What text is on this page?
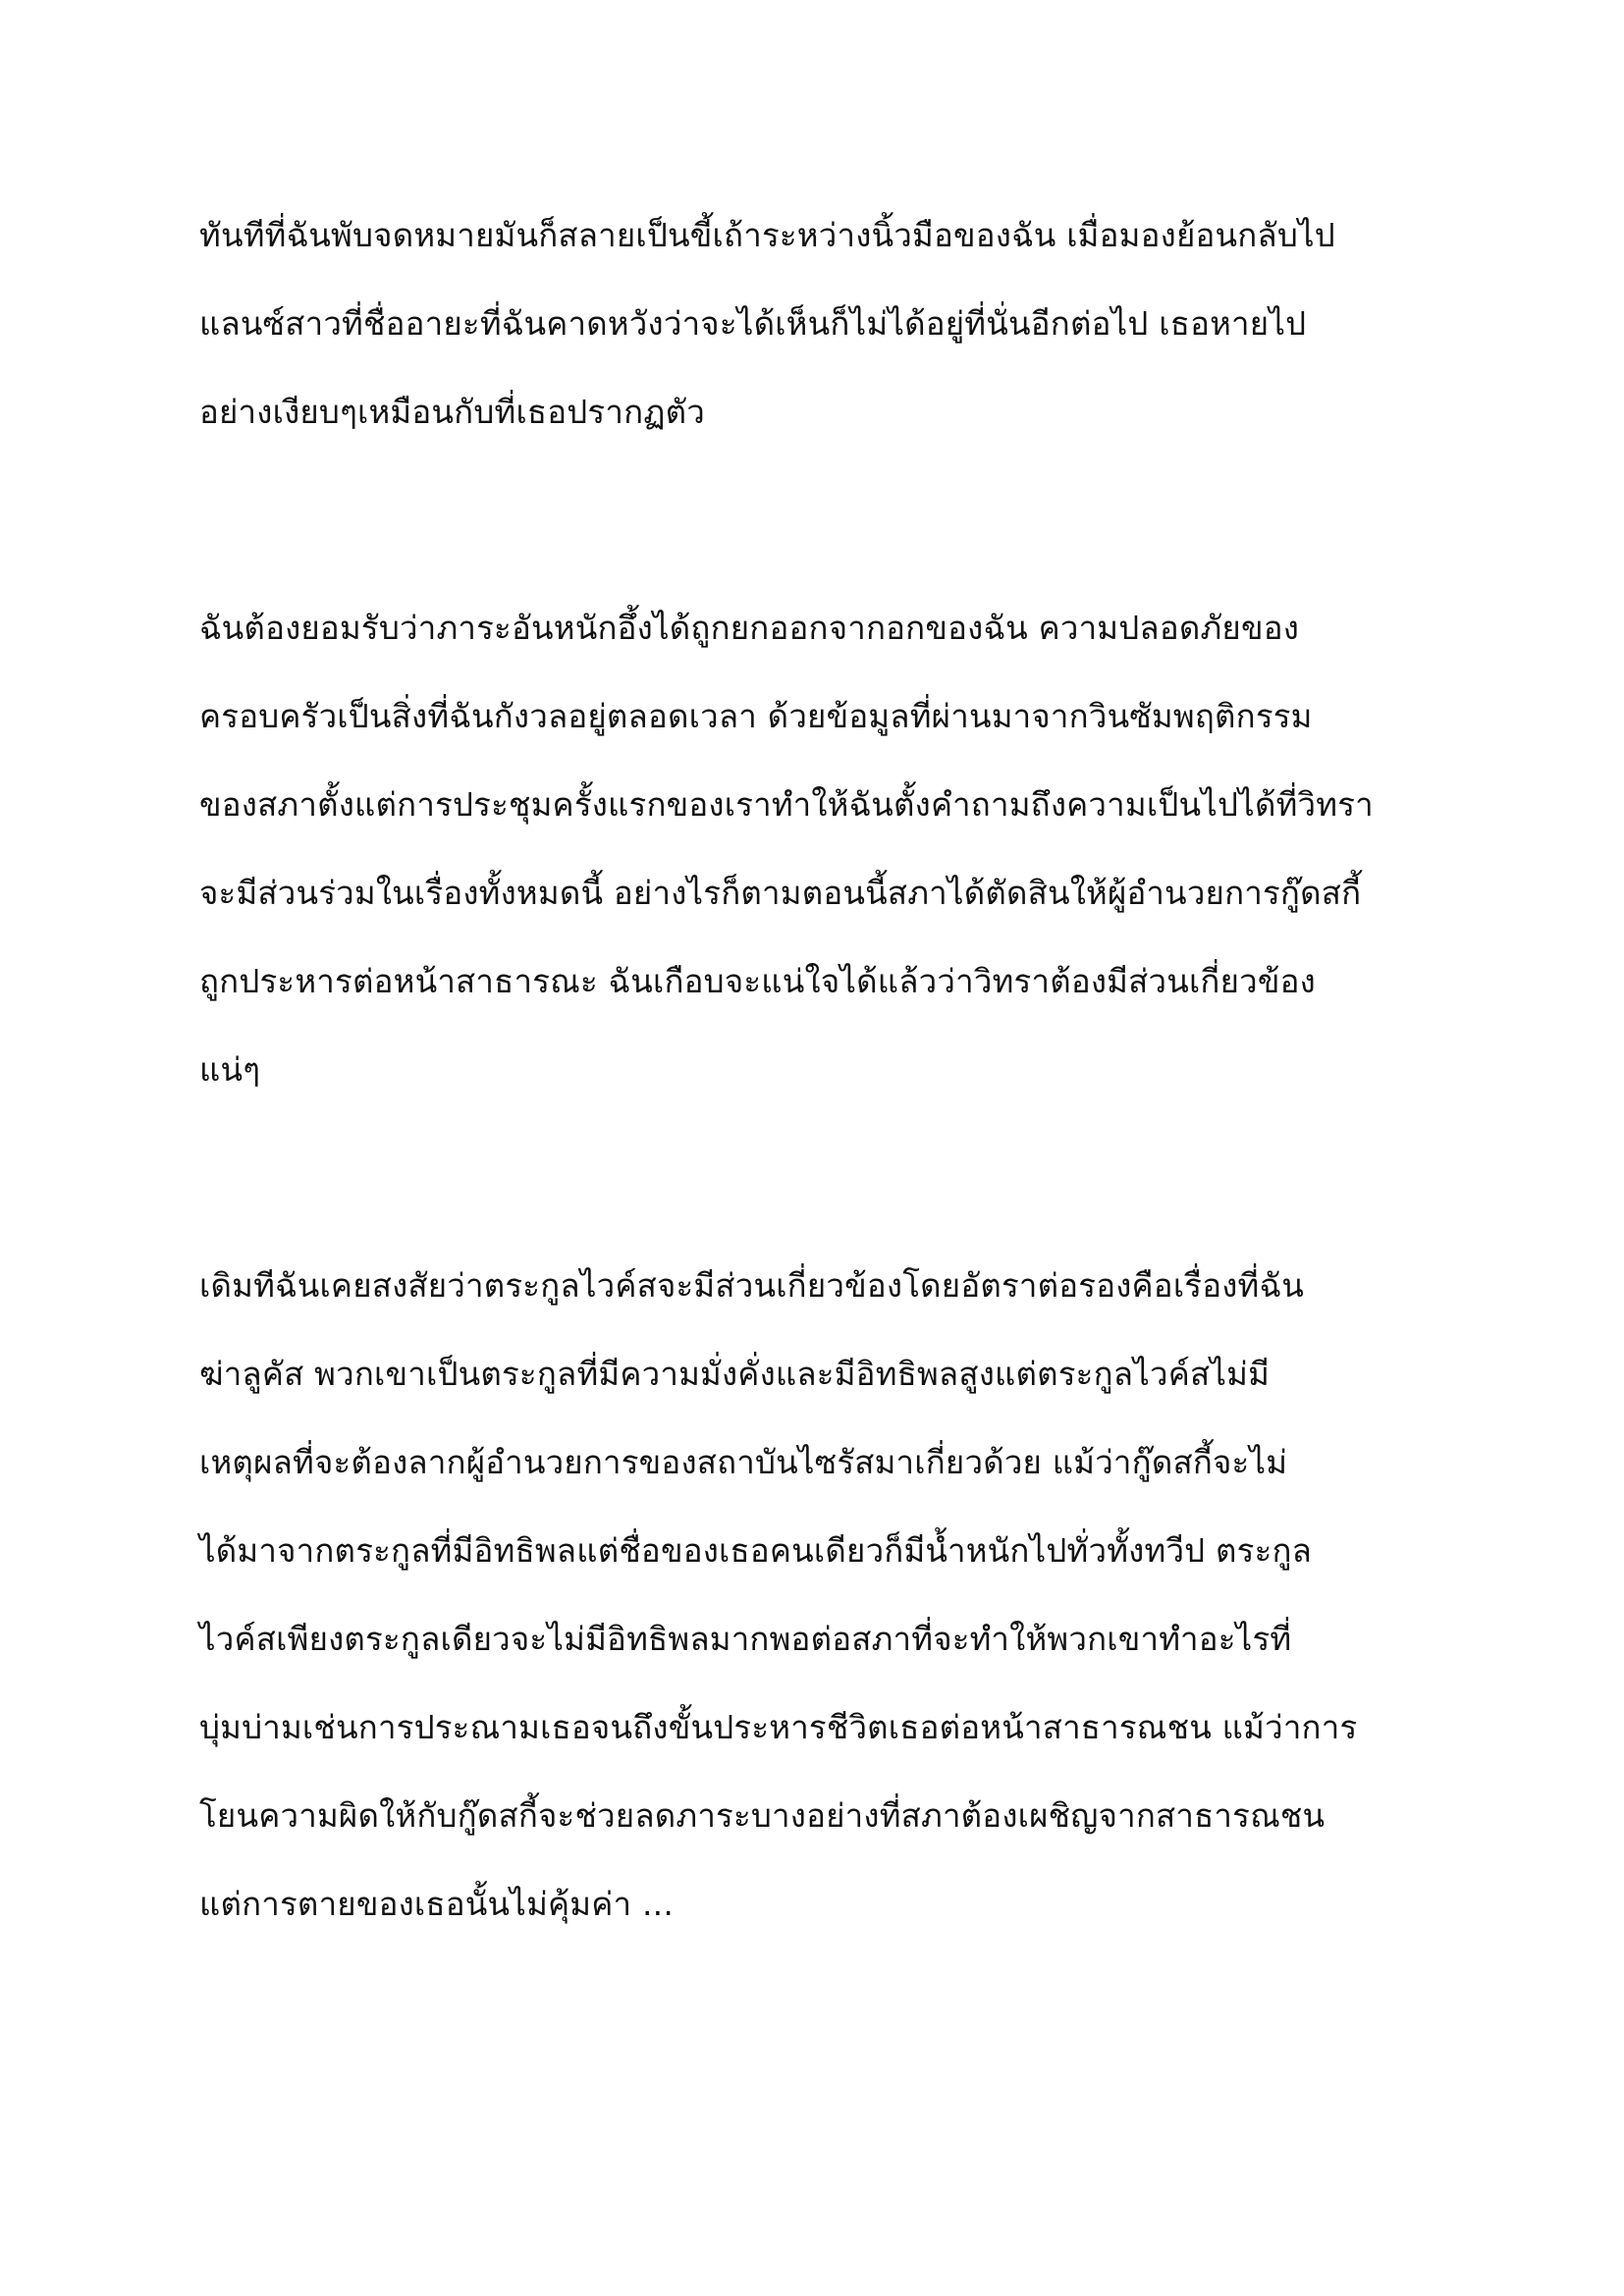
ทันทีที่ฉันพับจดหมายมันก็สลายเป็นขี้เถ้าระหว่างนิ้วมือของฉัน เมื่อมองย้อนกลับไป
แลนซ์สาวที่ชื่ออายะที่ฉันคาดหวังว่าจะได้เห็นก็ไม่ได้อยู่ที่นั่นอีกต่อไป เธอหายไป
อย่างเงียบๆเหมือนกับที่เธอปรากฏตัว
ฉันต้องยอมรับว่าภาระอันหนักอึ้งได้ถูกยกออกจากอกของฉัน ความปลอดภัยของ
ครอบครัวเป็นสิ่งที่ฉันกังวลอยู่ตลอดเวลา ด้วยข้อมูลที่ผ่านมาจากวินซัมพฤติกรรม
ของสภาตั้งแต่การประชุมครั้งแรกของเราทำให้ฉันตั้งคำถามถึงความเป็นไปได้ที่วิทรา
จะมีส่วนร่วมในเรื่องทั้งหมดนี้ อย่างไรก็ตามตอนนี้สภาได้ตัดสินให้ผู้อำนวยการกู๊ดสกี้
ถูกประหารต่อหน้าสาธารณะ ฉันเกือบจะแน่ใจได้แล้วว่าวิทราต้องมีส่วนเกี่ยวข้อง
แน่ๆ
เดิมทีฉันเคยสงสัยว่าตระกูลไวค์สจะมีส่วนเกี่ยวข้องโดยอัตราต่อรองคือเรื่องที่ฉัน
ฆ่าลูคัส พวกเขาเป็นตระกูลที่มีความมั่งคั่งและมีอิทธิพลสูงแต่ตระกูลไวค์สไม่มี
เหตุผลที่จะต้องลากผู้อำนวยการของสถาบันไซรัสมาเกี่ยวด้วย แม้ว่ากู๊ดสกี้จะไม่
ได้มาจากตระกูลที่มีอิทธิพลแต่ชื่อของเธอคนเดียวก็มีน้ำหนักไปทั่วทั้งทวีป ตระกูล
ไวค์สเพียงตระกูลเดียวจะไม่มีอิทธิพลมากพอต่อสภาที่จะทำให้พวกเขาทำอะไรที่
บุ่มบ่ามเช่นการประณามเธอจนถึงขั้นประหารชีวิตเธอต่อหน้าสาธารณชน แม้ว่าการ
โยนความผิดให้กับกู๊ดสกี้จะช่วยลดภาระบางอย่างที่สภาต้องเผชิญจากสาธารณชน
แต่การตายของเธอนั้นไม่คุ้มค่า ...
